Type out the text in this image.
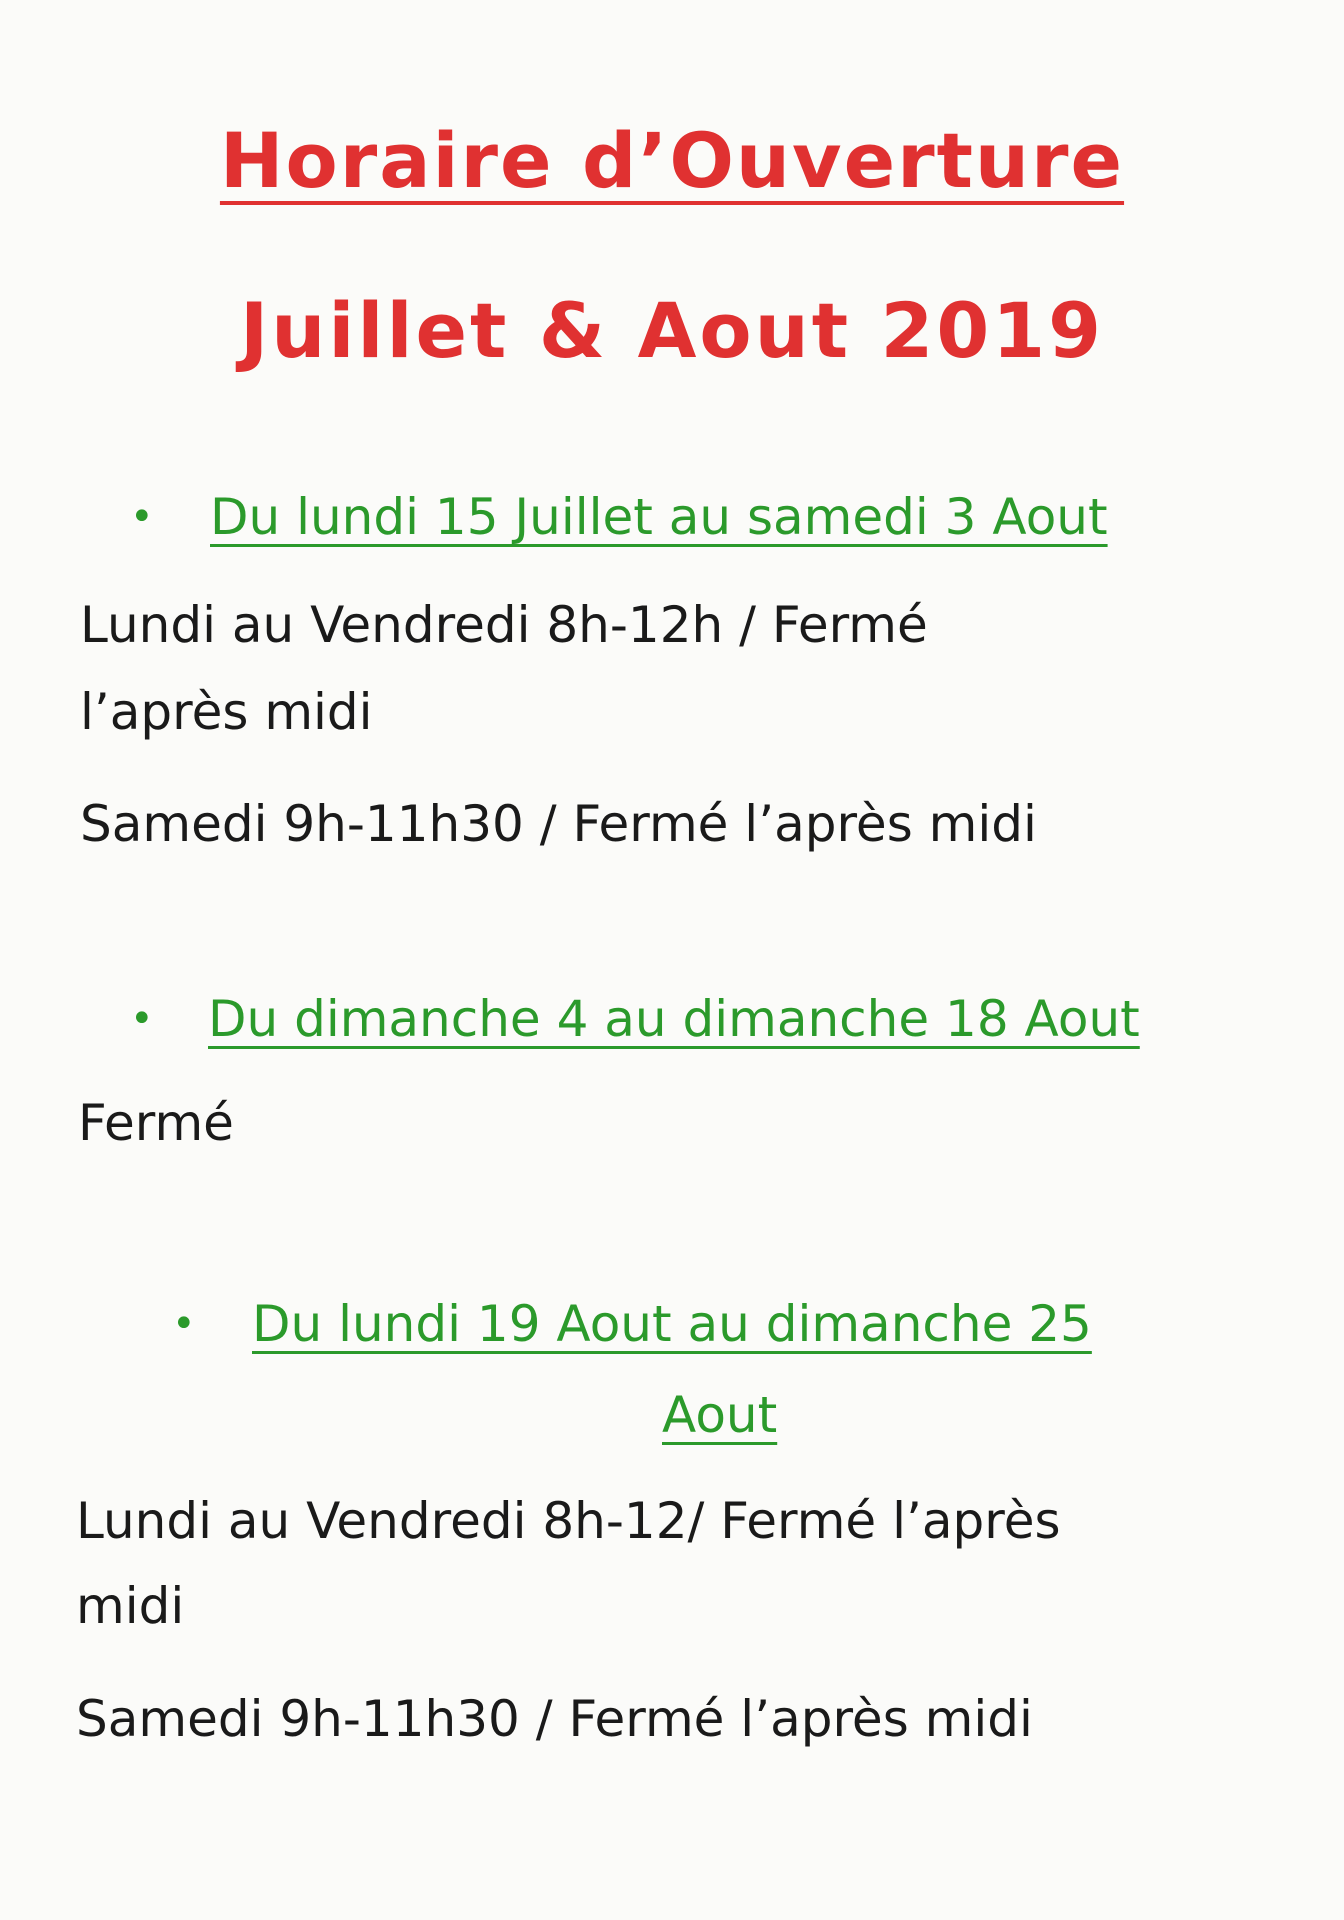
Horaire d’Ouverture
Juillet & Aout 2019
• Du lundi 15 Juillet au samedi 3 Aout

Lundi au Vendredi 8h-12h / Fermé

l’après midi

Samedi 9h-11h30 / Fermé l’après midi

• Du dimanche 4 au dimanche 18 Aout

Fermé

• Du lundi 19 Aout au dimanche 25
Aout

Lundi au Vendredi 8h-12/ Fermé l’après

midi

Samedi 9h-11h30 / Fermé l’après midi
